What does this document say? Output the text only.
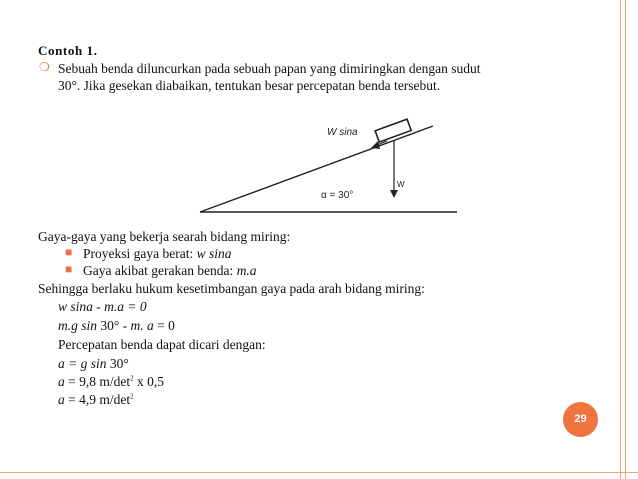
Contoh 1.
❍ Sebuah benda diluncurkan pada sebuah papan yang dimiringkan dengan sudut
30°. Jika gesekan diabaikan, tentukan besar percepatan benda tersebut.
W sina
W
α = 30°
Gaya-gaya yang bekerja searah bidang miring:
■ Proyeksi gaya berat: w sina
■ Gaya akibat gerakan benda: m.a
Sehingga berlaku hukum kesetimbangan gaya pada arah bidang miring:
w sina - m.a = 0
m.g sin 30° - m. a = 0
Percepatan benda dapat dicari dengan:
a = g sin 30°
a = 9,8 $m/\det^2$ x 0,5
a = 4,9 $m/\det^2$
29
